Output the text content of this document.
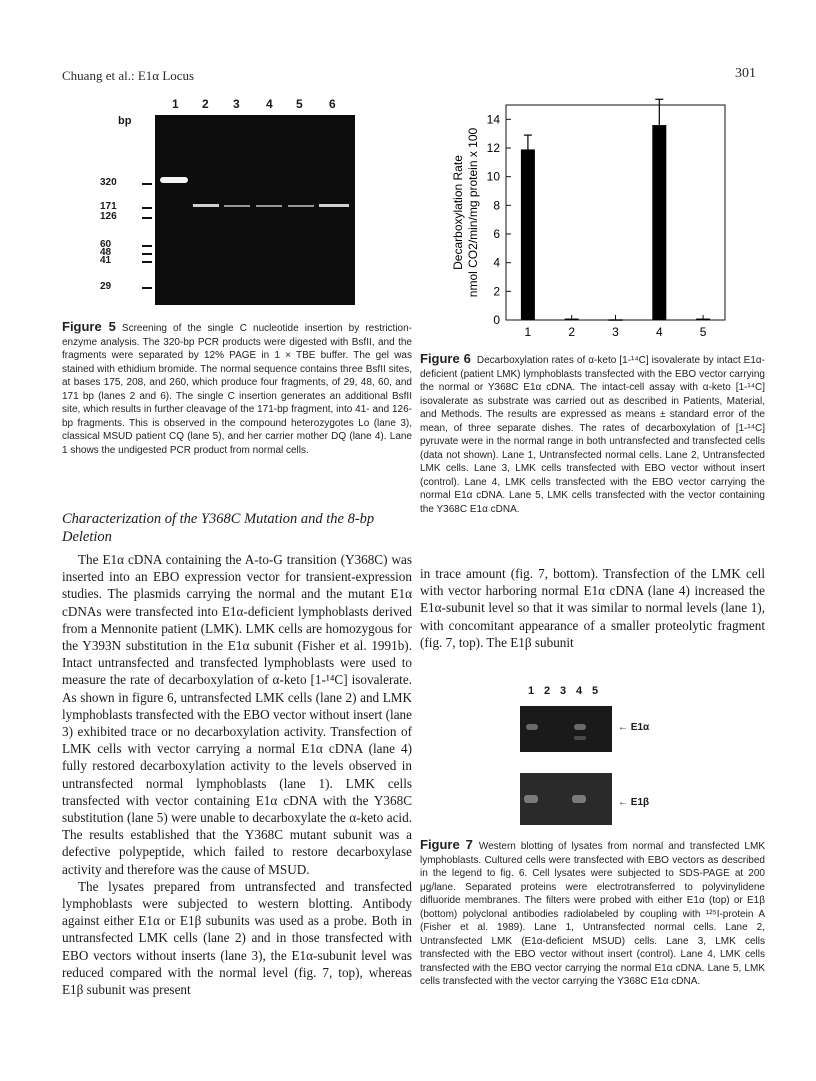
Chuang et al.: E1α Locus	301
bp
1 2 3 4 5 6
320
171
126
60
48
41
29
Figure 5 Screening of the single C nucleotide insertion by restriction-enzyme analysis. The 320-bp PCR products were digested with BsfII, and the fragments were separated by 12% PAGE in 1 × TBE buffer. The gel was stained with ethidium bromide. The normal sequence contains three BsfII sites, at bases 175, 208, and 260, which produce four fragments, of 29, 48, 60, and 171 bp (lanes 2 and 6). The single C insertion generates an additional BsfII site, which results in further cleavage of the 171-bp fragment, into 41- and 126-bp fragments. This is observed in the compound heterozygotes Lo (lane 3), classical MSUD patient CQ (lane 5), and her carrier mother DQ (lane 4). Lane 1 shows the undigested PCR product from normal cells.
0
2
4
6
8
10
12
14
1	2	3	4	5
Decarboxylation Rate nmol CO2/min/mg protein x 100
Figure 6 Decarboxylation rates of α-keto [1-¹⁴C] isovalerate by intact E1α-deficient (patient LMK) lymphoblasts transfected with the EBO vector carrying the normal or Y368C E1α cDNA. The intact-cell assay with α-keto [1-¹⁴C] isovalerate as substrate was carried out as described in Patients, Material, and Methods. The results are expressed as means ± standard error of the mean, of three separate dishes. The rates of decarboxylation of [1-¹⁴C] pyruvate were in the normal range in both untransfected and transfected cells (data not shown). Lane 1, Untransfected normal cells. Lane 2, Untransfected LMK cells. Lane 3, LMK cells transfected with EBO vector without insert (control). Lane 4, LMK cells transfected with the EBO vector carrying the normal E1α cDNA. Lane 5, LMK cells transfected with the vector containing the Y368C E1α cDNA.
Characterization of the Y368C Mutation and the 8-bp Deletion

The E1α cDNA containing the A-to-G transition (Y368C) was inserted into an EBO expression vector for transient-expression studies. The plasmids carrying the normal and the mutant E1α cDNAs were transfected into E1α-deficient lymphoblasts derived from a Mennonite patient (LMK). LMK cells are homozygous for the Y393N substitution in the E1α subunit (Fisher et al. 1991b). Intact untransfected and transfected lymphoblasts were used to measure the rate of decarboxylation of α-keto [1-¹⁴C] isovalerate. As shown in figure 6, untransfected LMK cells (lane 2) and LMK lymphoblasts transfected with the EBO vector without insert (lane 3) exhibited trace or no decarboxylation activity. Transfection of LMK cells with vector carrying a normal E1α cDNA (lane 4) fully restored decarboxylation activity to the levels observed in untransfected normal lymphoblasts (lane 1). LMK cells transfected with vector containing E1α cDNA with the Y368C substitution (lane 5) were unable to decarboxylate the α-keto acid. The results established that the Y368C mutant subunit was a defective polypeptide, which failed to restore decarboxylase activity and therefore was the cause of MSUD.

The lysates prepared from untransfected and transfected lymphoblasts were subjected to western blotting. Antibody against either E1α or E1β subunits was used as a probe. Both in untransfected LMK cells (lane 2) and in those transfected with EBO vectors without inserts (lane 3), the E1α-subunit level was reduced compared with the normal level (fig. 7, top), whereas E1β subunit was present

in trace amount (fig. 7, bottom). Transfection of the LMK cell with vector harboring normal E1α cDNA (lane 4) increased the E1α-subunit level so that it was similar to normal levels (lane 1), with concomitant appearance of a smaller proteolytic fragment (fig. 7, top). The E1β subunit

1 2 3 4 5
← E1α
← E1β
Figure 7 Western blotting of lysates from normal and transfected LMK lymphoblasts. Cultured cells were transfected with EBO vectors as described in the legend to fig. 6. Cell lysates were subjected to SDS-PAGE at 200 μg/lane. Separated proteins were electrotransferred to polyvinylidene difluoride membranes. The filters were probed with either E1α (top) or E1β (bottom) polyclonal antibodies radiolabeled by coupling with ¹²⁵I-protein A (Fisher et al. 1989). Lane 1, Untransfected normal cells. Lane 2, Untransfected LMK (E1α-deficient MSUD) cells. Lane 3, LMK cells transfected with the EBO vector without insert (control). Lane 4, LMK cells transfected with the EBO vector carrying the normal E1α cDNA. Lane 5, LMK cells transfected with the vector carrying the Y368C E1α cDNA.
